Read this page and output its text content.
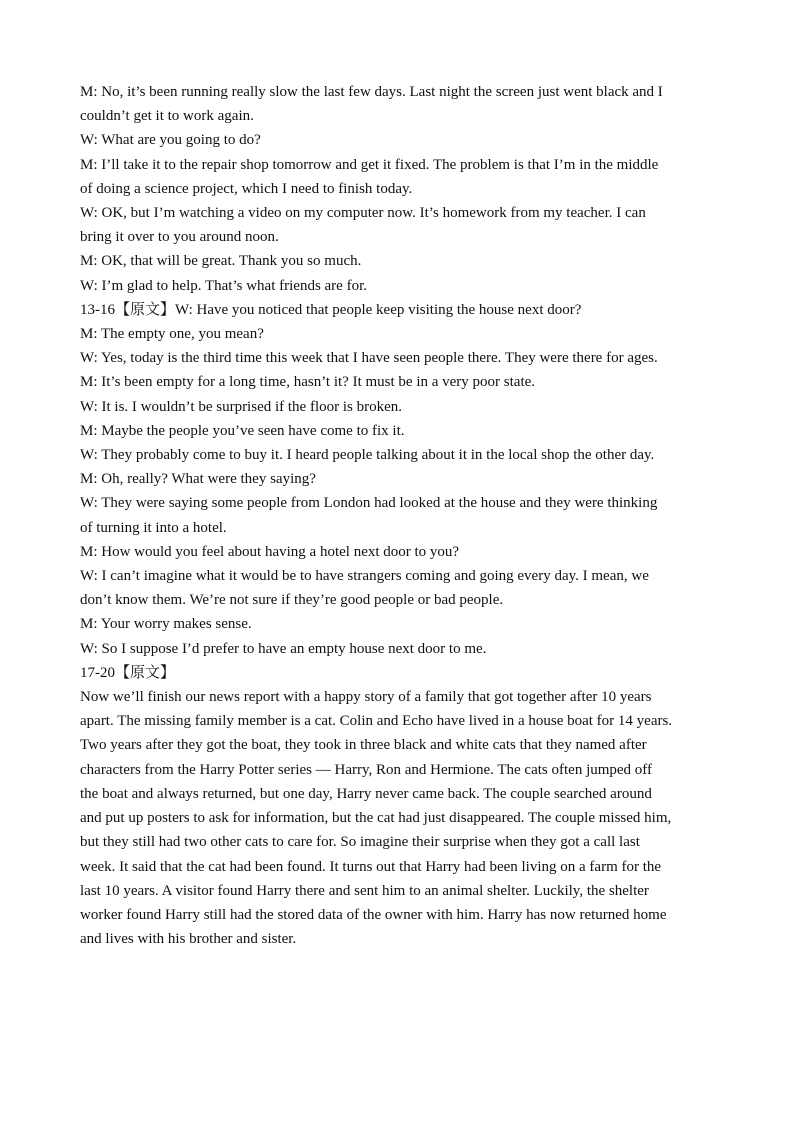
M: No, it’s been running really slow the last few days. Last night the screen just went black and I
couldn’t get it to work again.
W: What are you going to do?
M: I’ll take it to the repair shop tomorrow and get it fixed. The problem is that I’m in the middle
of doing a science project, which I need to finish today.
W: OK, but I’m watching a video on my computer now. It’s homework from my teacher. I can
bring it over to you around noon.
M: OK, that will be great. Thank you so much.
W: I’m glad to help. That’s what friends are for.
13-16【原文】W: Have you noticed that people keep visiting the house next door?
M: The empty one, you mean?
W: Yes, today is the third time this week that I have seen people there. They were there for ages.
M: It’s been empty for a long time, hasn’t it? It must be in a very poor state.
W: It is. I wouldn’t be surprised if the floor is broken.
M: Maybe the people you’ve seen have come to fix it.
W: They probably come to buy it. I heard people talking about it in the local shop the other day.
M: Oh, really? What were they saying?
W: They were saying some people from London had looked at the house and they were thinking
of turning it into a hotel.
M: How would you feel about having a hotel next door to you?
W: I can’t imagine what it would be to have strangers coming and going every day. I mean, we
don’t know them. We’re not sure if they’re good people or bad people.
M: Your worry makes sense.
W: So I suppose I’d prefer to have an empty house next door to me.
17-20【原文】
Now we’ll finish our news report with a happy story of a family that got together after 10 years
apart. The missing family member is a cat. Colin and Echo have lived in a house boat for 14 years.
Two years after they got the boat, they took in three black and white cats that they named after
characters from the Harry Potter series — Harry, Ron and Hermione. The cats often jumped off
the boat and always returned, but one day, Harry never came back. The couple searched around
and put up posters to ask for information, but the cat had just disappeared. The couple missed him,
but they still had two other cats to care for. So imagine their surprise when they got a call last
week. It said that the cat had been found. It turns out that Harry had been living on a farm for the
last 10 years. A visitor found Harry there and sent him to an animal shelter. Luckily, the shelter
worker found Harry still had the stored data of the owner with him. Harry has now returned home
and lives with his brother and sister.
